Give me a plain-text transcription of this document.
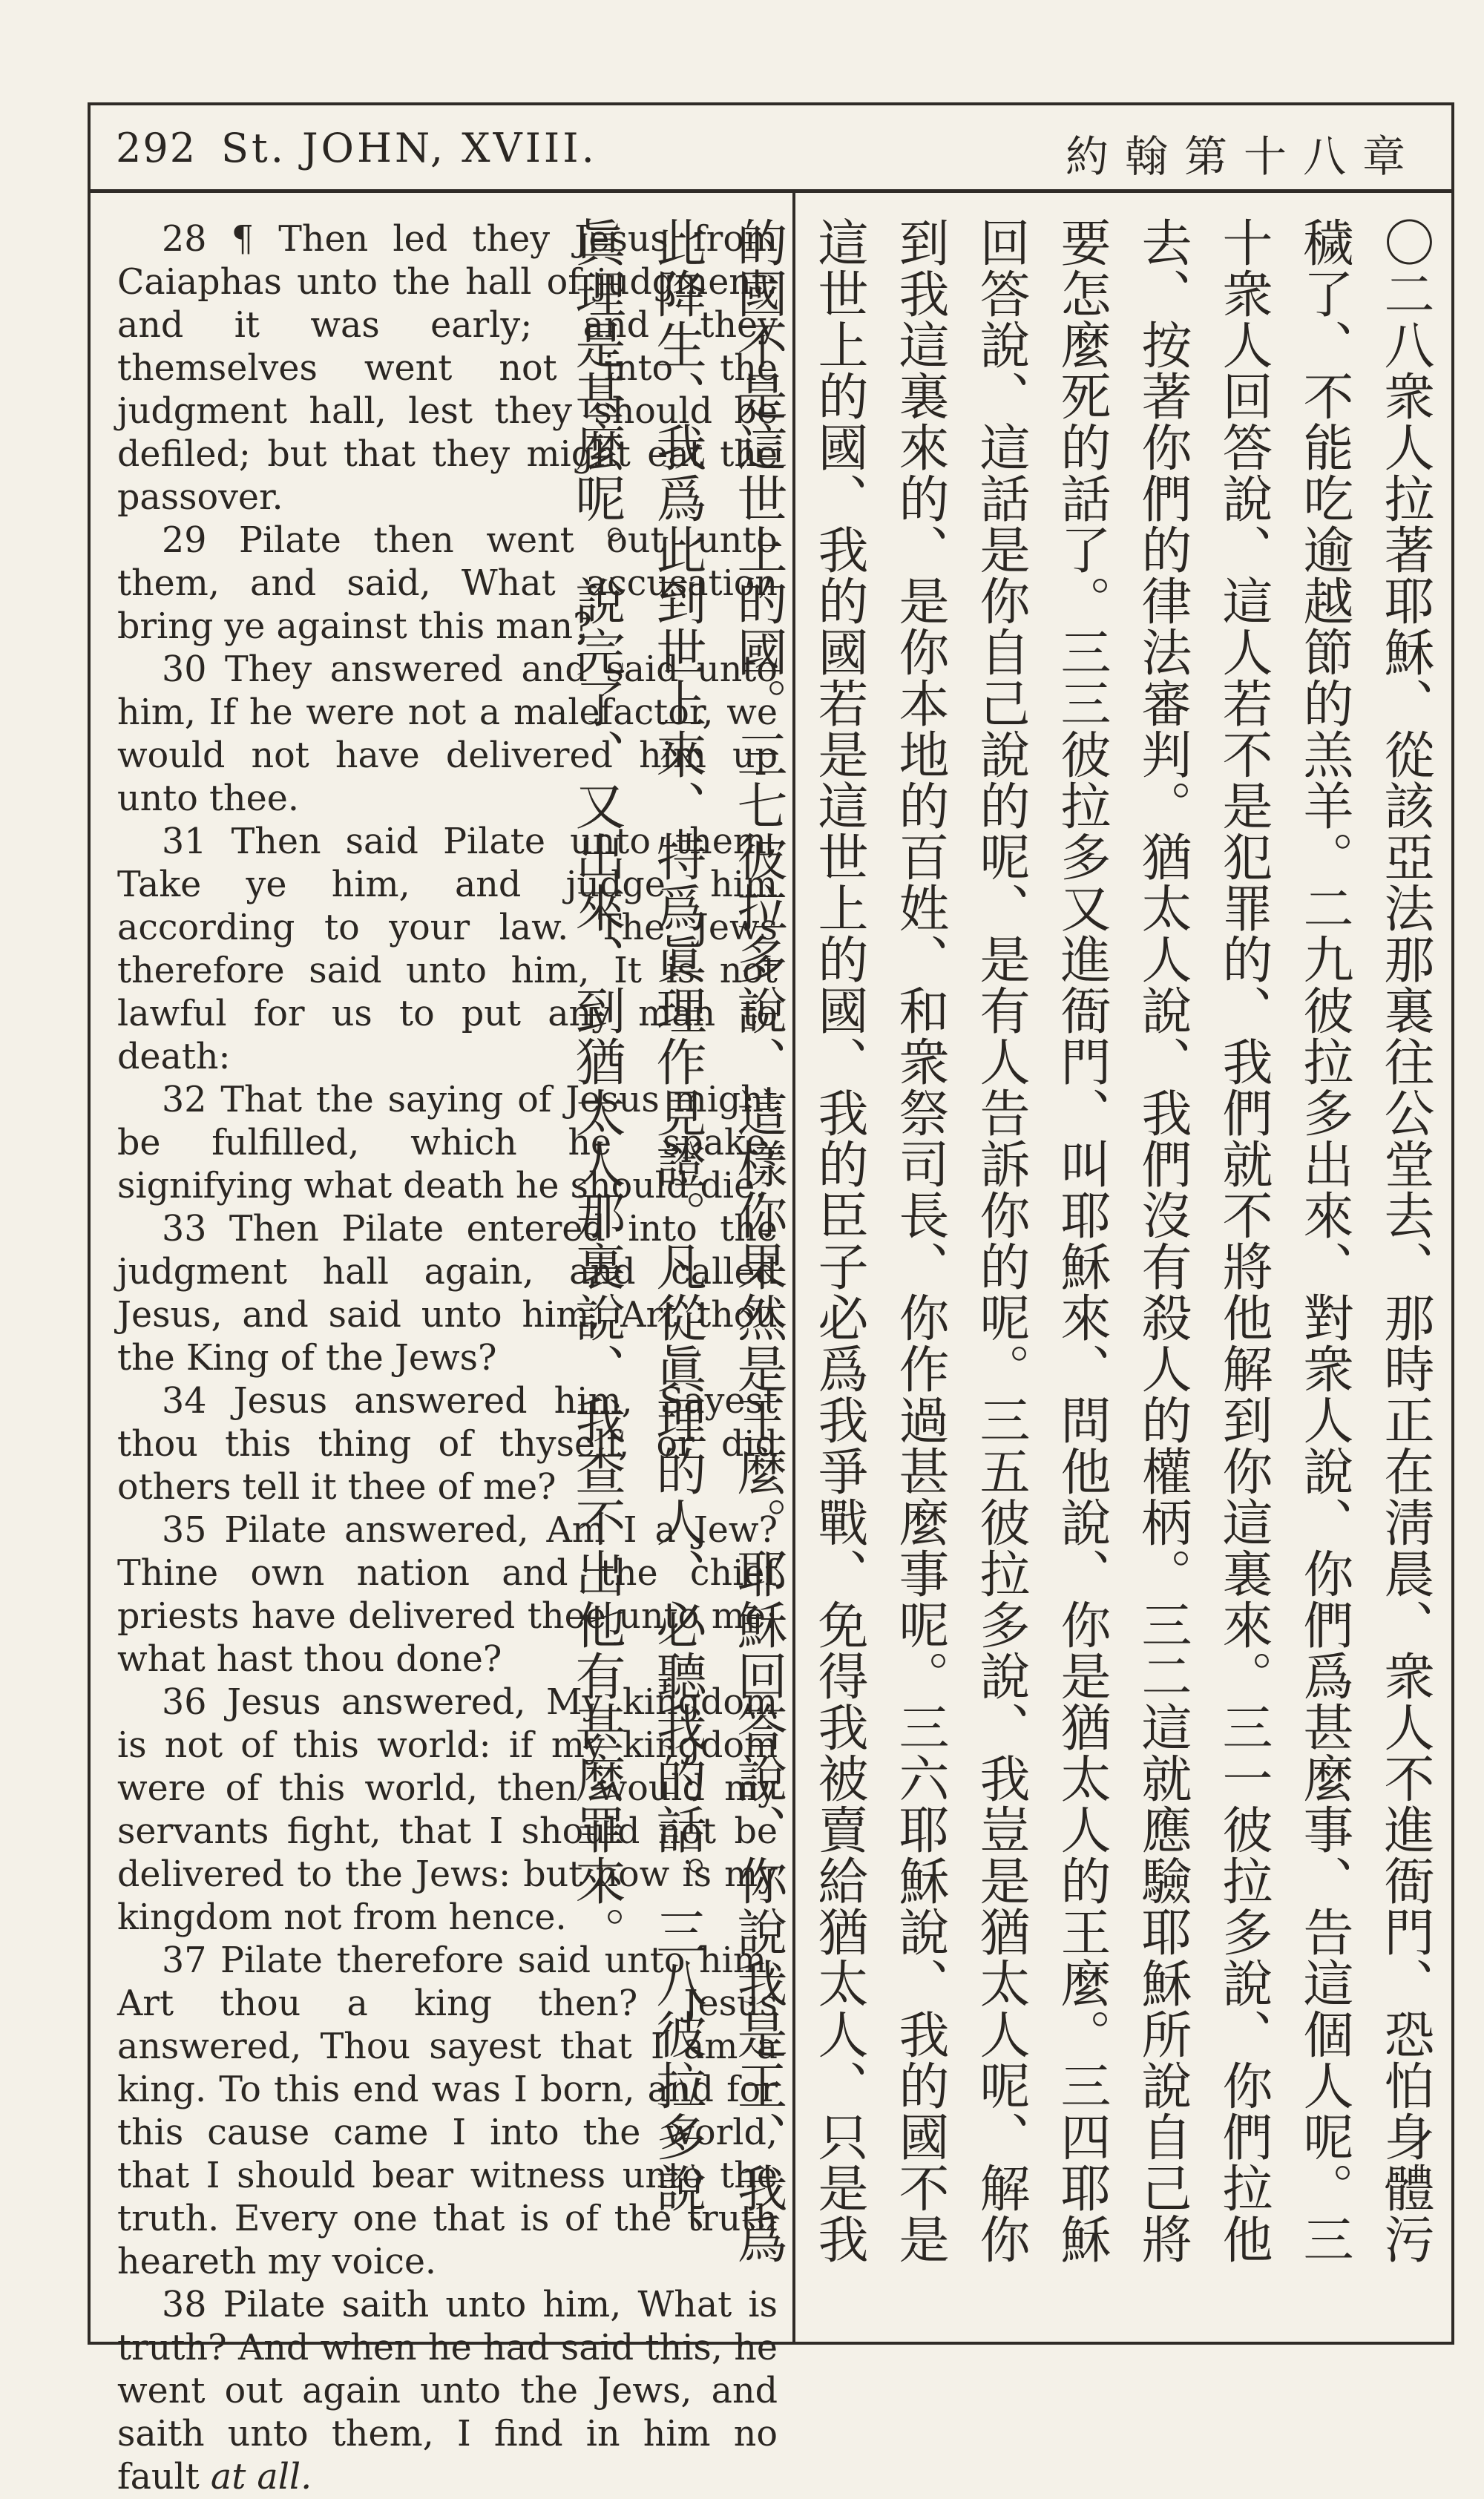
292 St. JOHN, XVIII.	約翰第十八章

28 ¶ Then led they Jesus from Caiaphas unto the hall of judgment: and it was early; and they themselves went not into the judgment hall, lest they should be defiled; but that they might eat the passover.

29 Pilate then went out unto them, and said, What accusation bring ye against this man?

30 They answered and said unto him, If he were not a malefactor, we would not have delivered him up unto thee.

31 Then said Pilate unto them, Take ye him, and judge him according to your law. The Jews therefore said unto him, It is not lawful for us to put any man to death:

32 That the saying of Jesus might be fulfilled, which he spake, signifying what death he should die.

33 Then Pilate entered into the judgment hall again, and called Jesus, and said unto him, Art thou the King of the Jews?

34 Jesus answered him, Sayest thou this thing of thyself, or did others tell it thee of me?

35 Pilate answered, Am I a Jew? Thine own nation and the chief priests have delivered thee unto me: what hast thou done?

36 Jesus answered, My kingdom is not of this world: if my kingdom were of this world, then would my servants fight, that I should not be delivered to the Jews: but now is my kingdom not from hence.

37 Pilate therefore said unto him, Art thou a king then? Jesus answered, Thou sayest that I am a king. To this end was I born, and for this cause came I into the world, that I should bear witness unto the truth. Every one that is of the truth heareth my voice.

38 Pilate saith unto him, What is truth? And when he had said this, he went out again unto the Jews, and saith unto them, I find in him no fault at all.

〇二八衆人拉著耶穌、從該亞法那裏往公堂去、那時正在淸晨、衆人不進衙門、恐怕身體污穢了、不能吃逾越節的羔羊。二九彼拉多出來、對衆人說、你們爲甚麼事、告這個人呢。三十衆人回答說、這人若不是犯罪的、我們就不將他解到你這裏來。三一彼拉多說、你們拉他去、按著你們的律法審判。猶太人說、我們沒有殺人的權柄。三二這就應驗耶穌所說自己將要怎麼死的話了。三三彼拉多又進衙門、叫耶穌來、問他說、你是猶太人的王麼。三四耶穌回答說、這話是你自己說的呢、是有人告訴你的呢。三五彼拉多說、我豈是猶太人呢、解你到我這裏來的、是你本地的百姓、和衆祭司長、你作過甚麼事呢。三六耶穌說、我的國不是這世上的國、我的國若是這世上的國、我的臣子必爲我爭戰、免得我被賣給猶太人、只是我的國不是這世上的國。三七彼拉多說、這樣你果然是王麼。耶穌回答說、你說我是王、我爲此降生、我爲此到世上來、特爲眞理作見證。凡從眞理的人、必聽我的話。三八彼拉多說、眞理是甚麼呢。說完了、又出來、到猶太人那裏說、我查不出他有甚麼罪來。
